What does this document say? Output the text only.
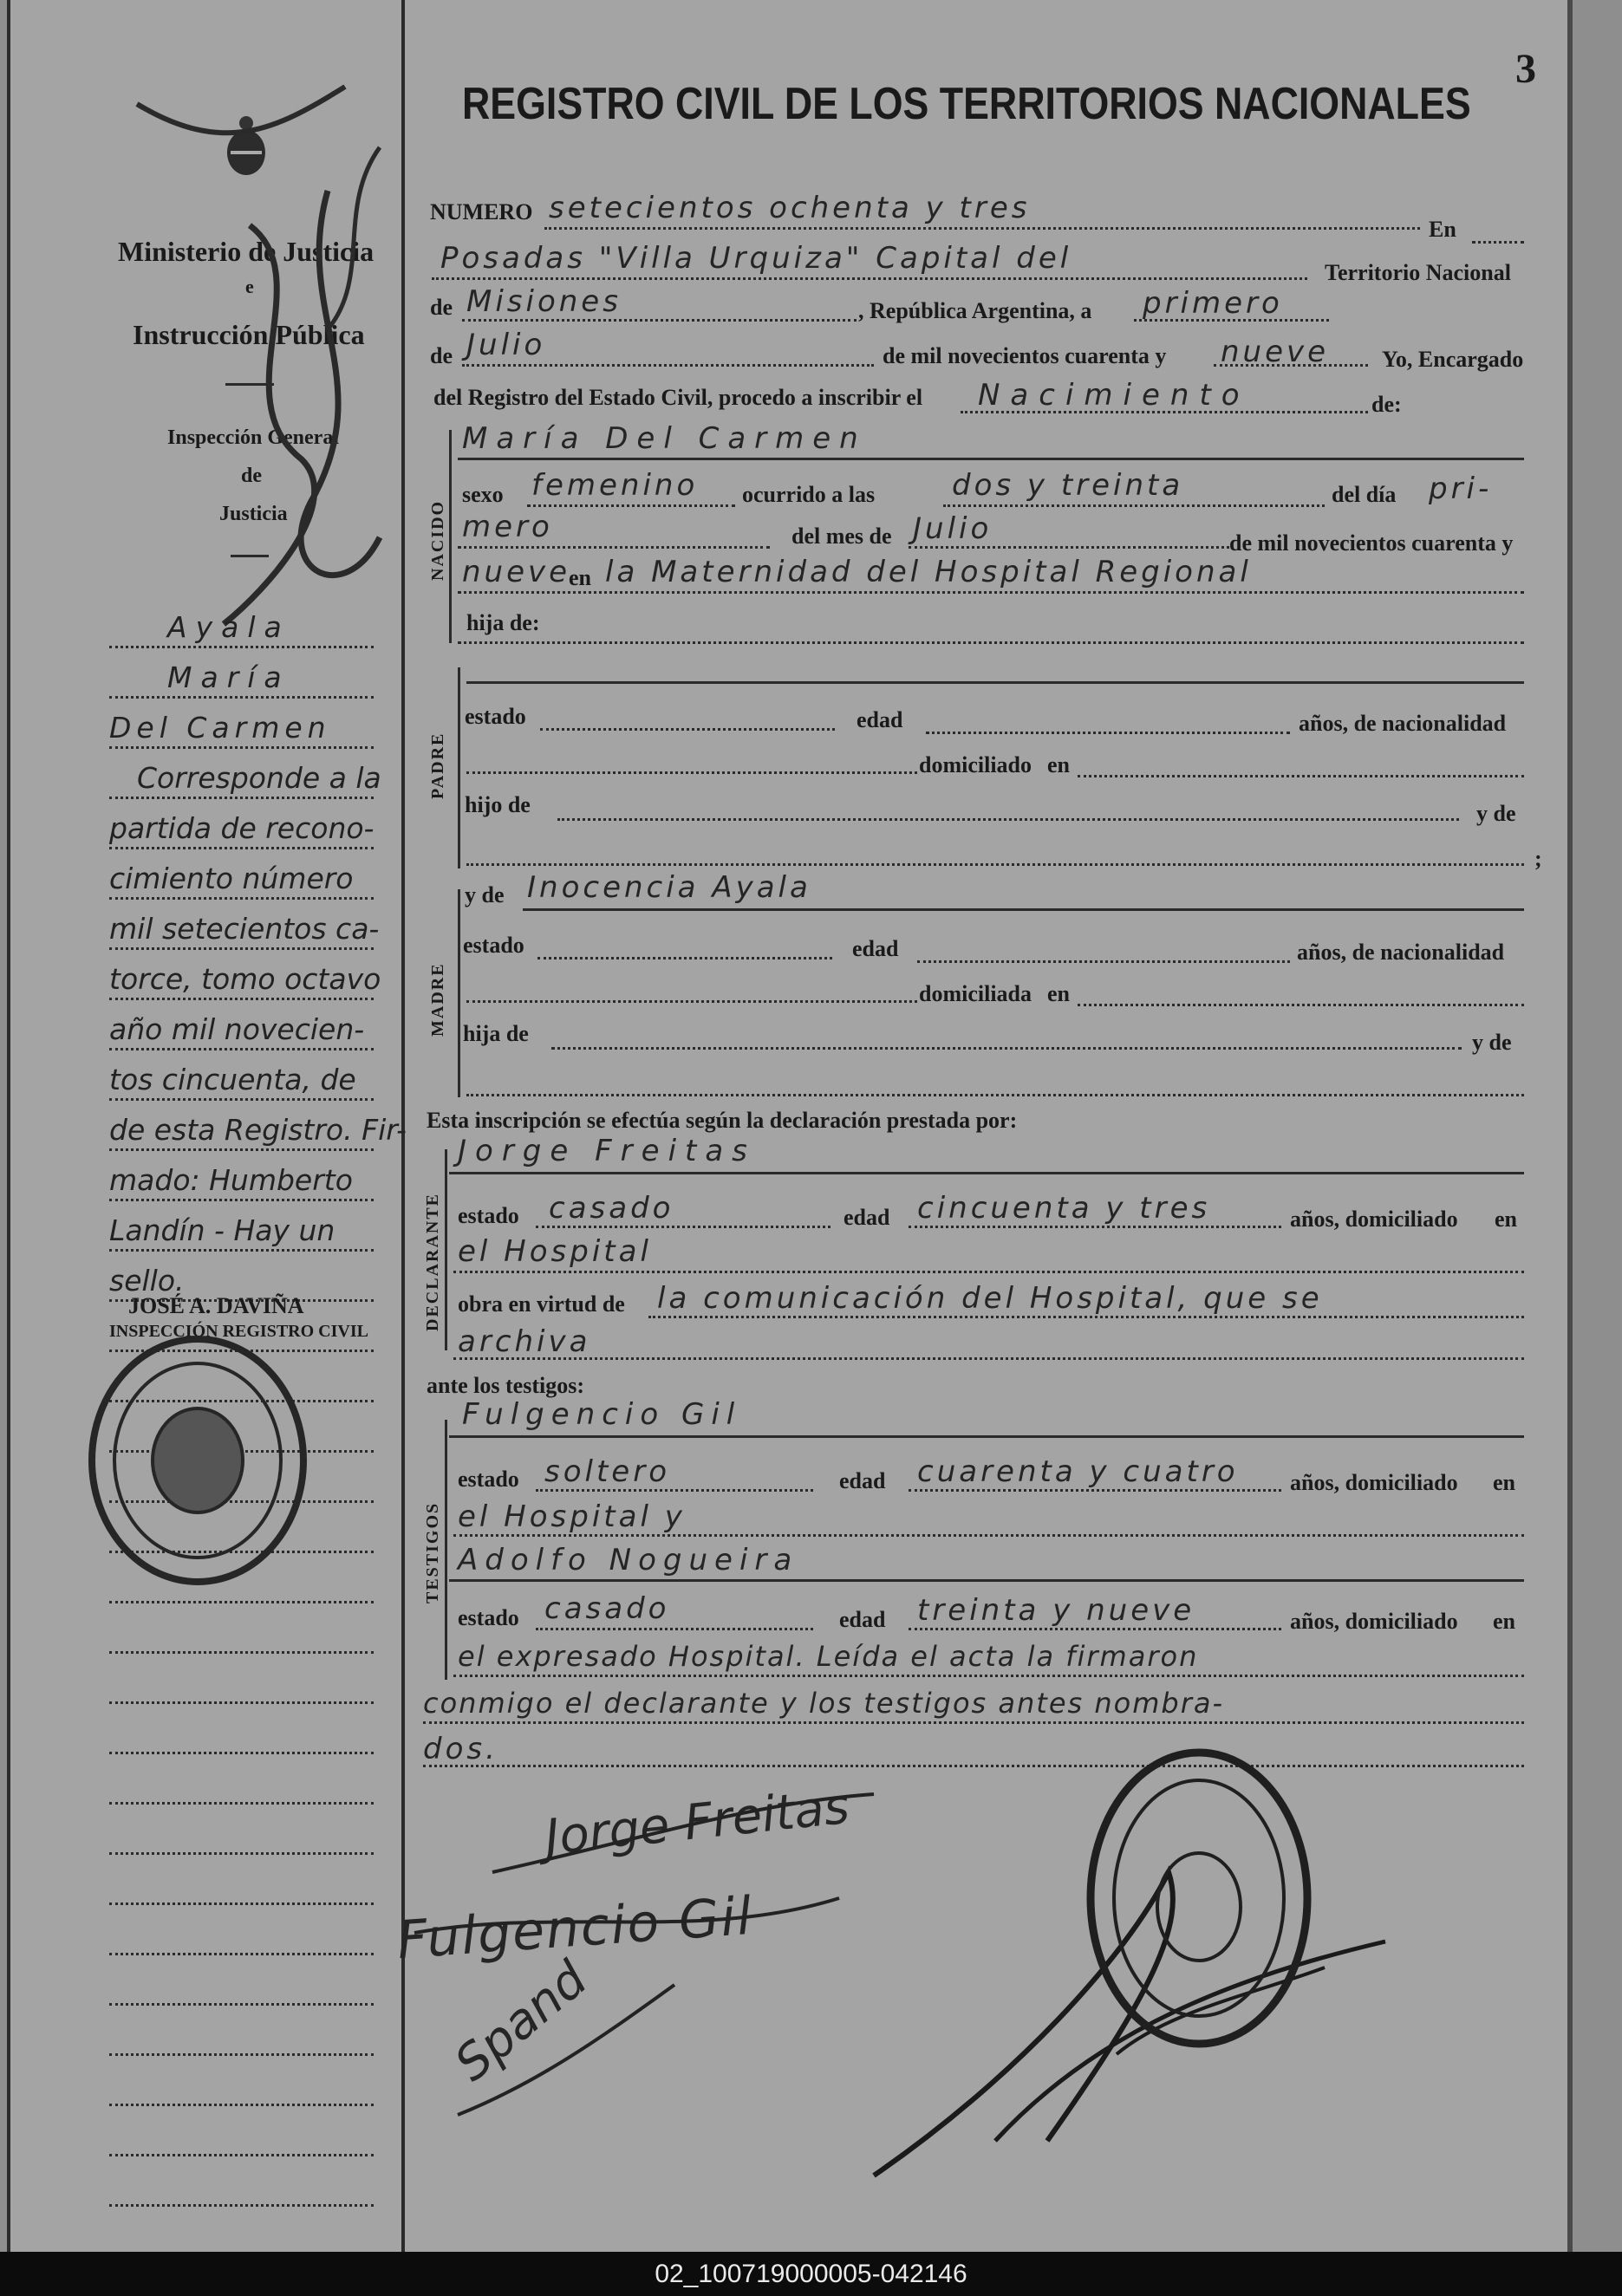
3
Ministerio de Justicia
e
Instrucción Pública
Inspección General
de
Justicia
Ayala
María
Del Carmen
Corresponde a la
partida de recono-
cimiento número
mil setecientos ca-
torce, tomo octavo
año mil novecien-
tos cincuenta, de
de esta Registro. Fir-
mado: Humberto
Landín - Hay un
sello.
JOSÉ A. DAVIÑA
INSPECCIÓN REGISTRO CIVIL
REGISTRO CIVIL DE LOS TERRITORIOS NACIONALES
NUMERO setecientos ochenta y tres
En
Posadas "Villa Urquiza" Capital del	Territorio Nacional
de Misiones	, República Argentina, a primero
de Julio	de mil novecientos cuarenta y nueve Yo, Encargado
del Registro del Estado Civil, procedo a inscribir el Nacimiento	de:
NACIDO
María Del Carmen
sexo femenino ocurrido a las	dos y treinta	del día pri-
mero	del mes de Julio	de mil novecientos cuarenta y
nueve
en la Maternidad del Hospital Regional
hija de:
PADRE
estado	edad	años, de nacionalidad
domiciliado en
hijo de	y de
;
MADRE
y de Inocencia Ayala
estado	edad	años, de nacionalidad
domiciliada en
hija de	y de
Esta inscripción se efectúa según la declaración prestada por:
DECLARANTE
Jorge Freitas
estado casado	edad cincuenta y tres	años, domiciliado en
el Hospital
obra en virtud de la comunicación del Hospital, que se
archiva
ante los testigos:
TESTIGOS
Fulgencio Gil
estado soltero	edad cuarenta y cuatro años, domiciliado en
el Hospital y
Adolfo Nogueira
estado casado	edad treinta y nueve	años, domiciliado en
el expresado Hospital. Leída el acta la firmaron
conmigo el declarante y los testigos antes nombra-
dos.
Jorge Freitas
Fulgencio Gil
Spand
02_100719000005-042146
